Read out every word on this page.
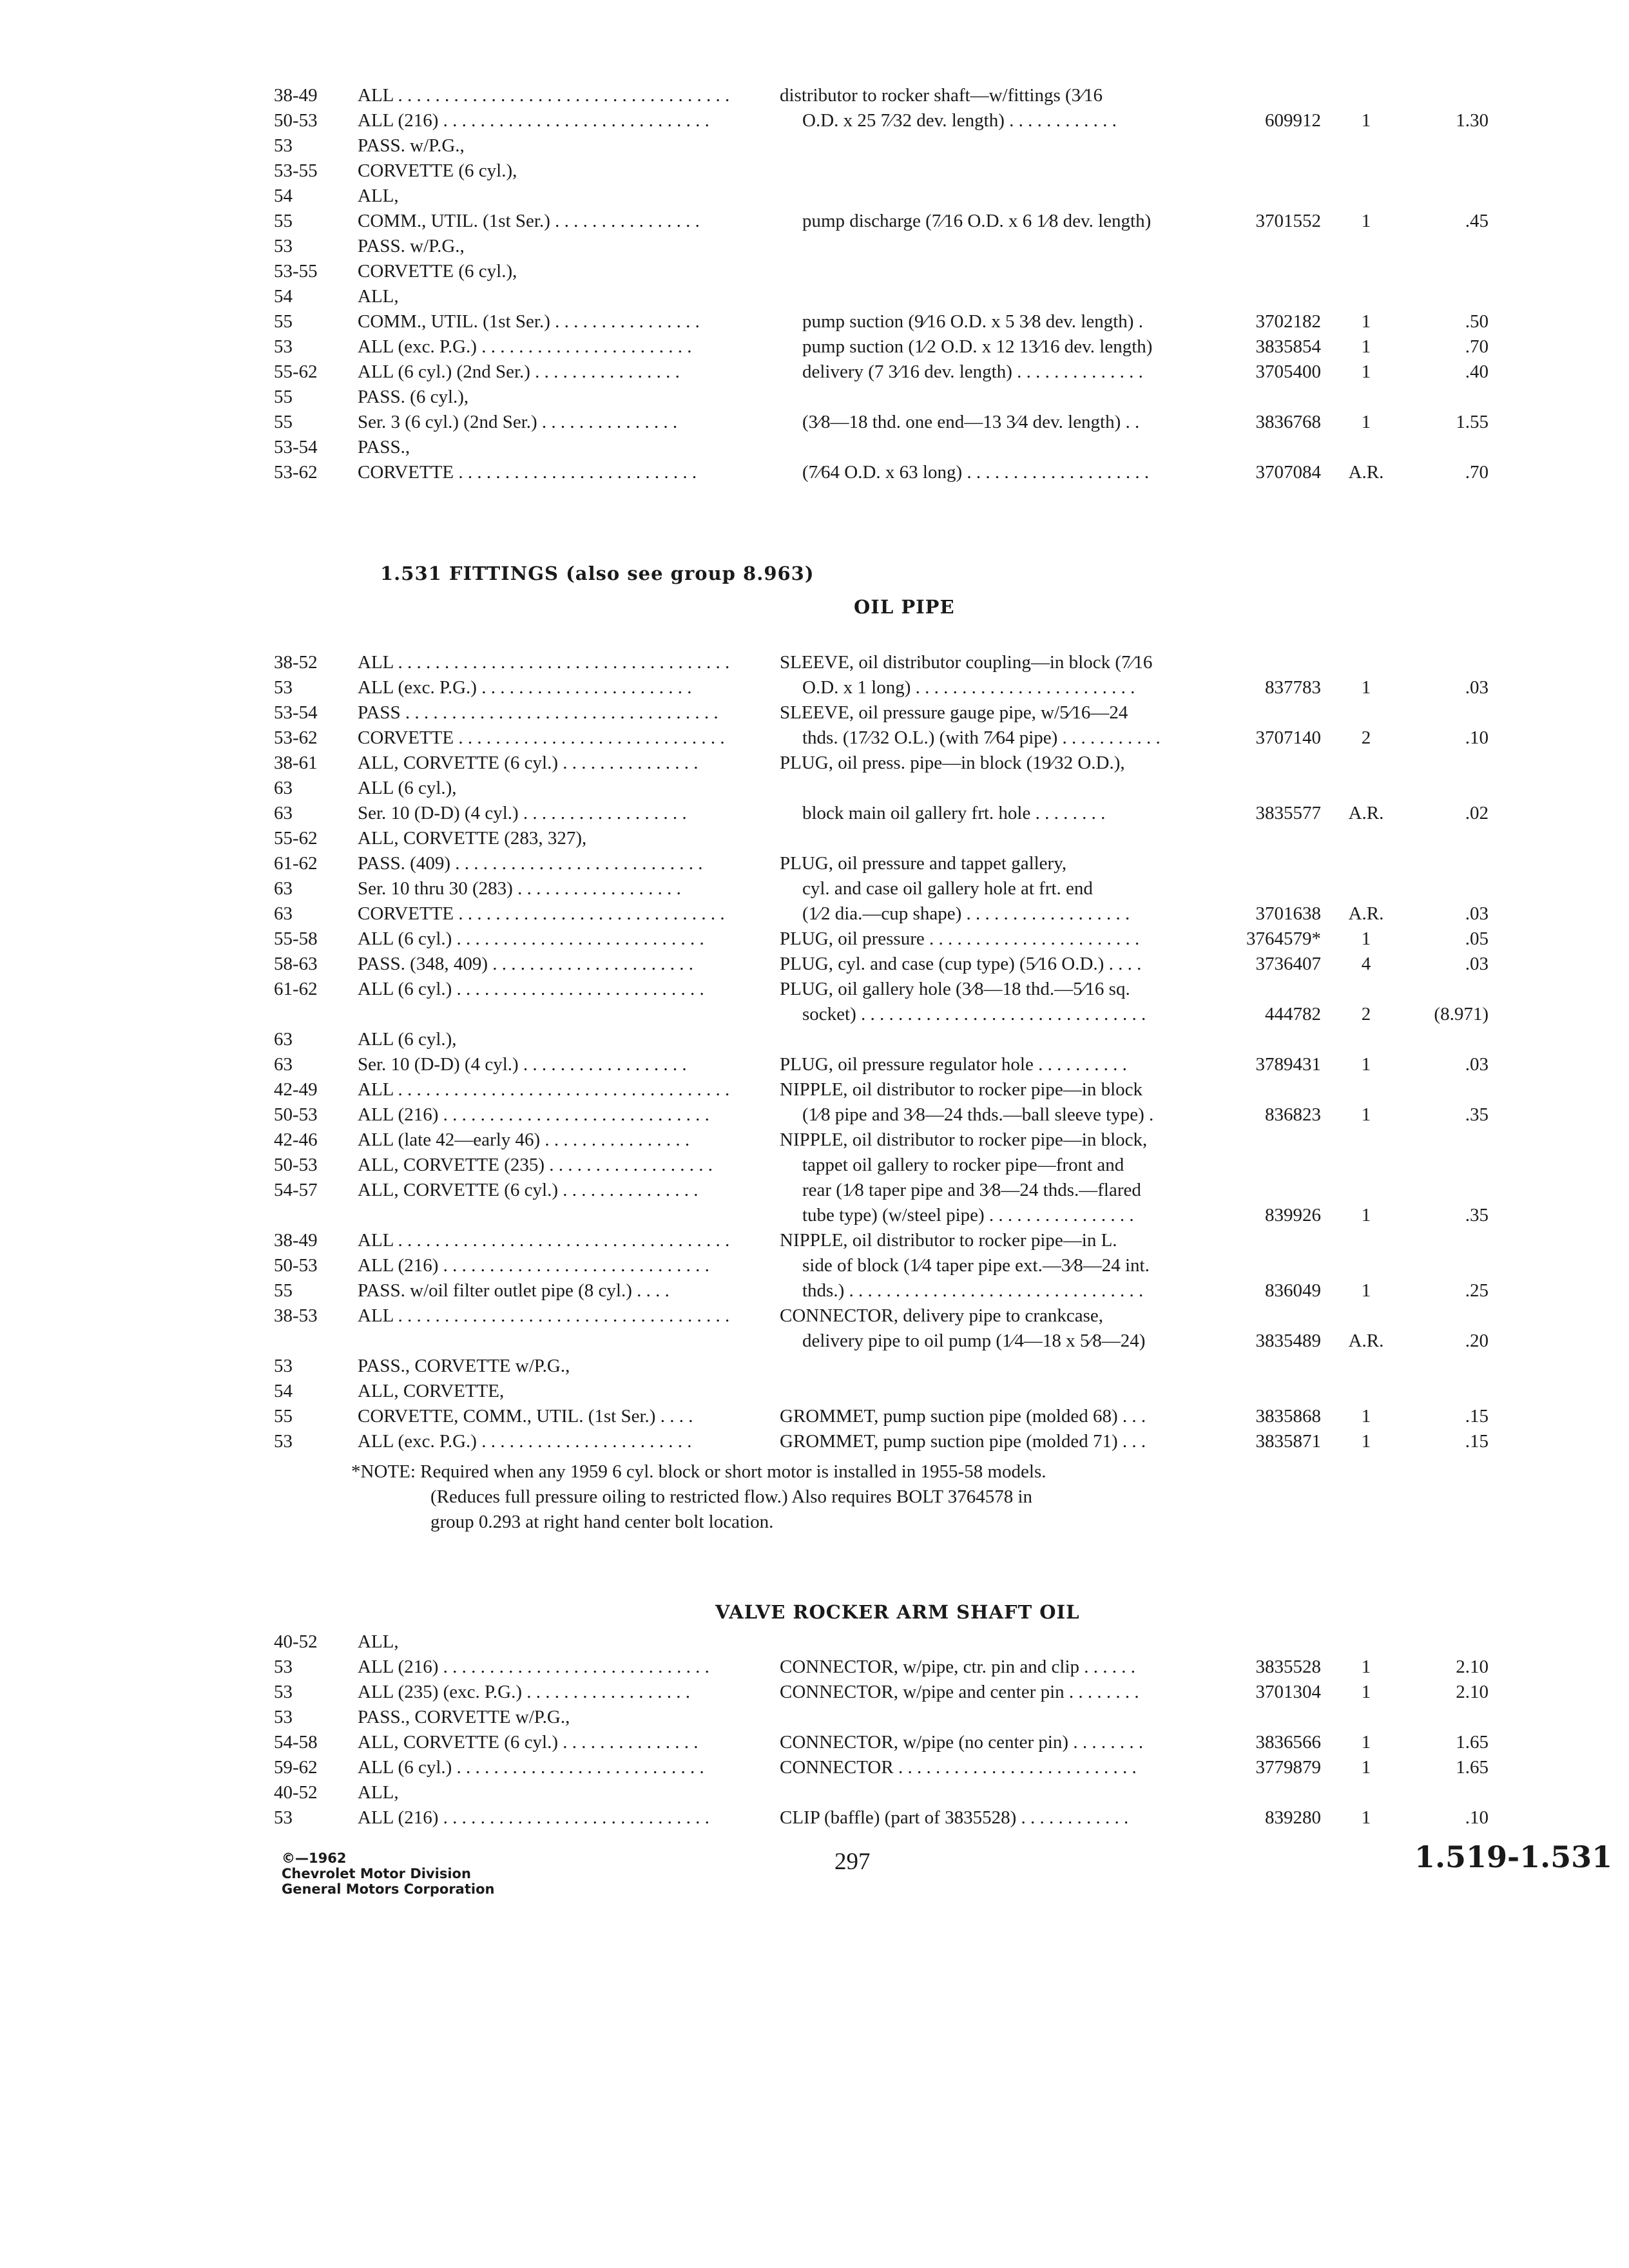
38-49 ALL . . . . . . . . . . . . . . . . . . . . . . . . . . . . . . . . . . . .	distributor to rocker shaft—w/fittings (3⁄16
50-53 ALL (216) . . . . . . . . . . . . . . . . . . . . . . . . . . . . .	O.D. x 25 7⁄32 dev. length) . . . . . . . . . . . .	609912	1	1.30
53	PASS. w/P.G.,
53-55 CORVETTE (6 cyl.),
54	ALL,
55	COMM., UTIL. (1st Ser.) . . . . . . . . . . . . . . . .	pump discharge (7⁄16 O.D. x 6 1⁄8 dev. length)	3701552	1	.45
53	PASS. w/P.G.,
53-55 CORVETTE (6 cyl.),
54	ALL,
55	COMM., UTIL. (1st Ser.) . . . . . . . . . . . . . . . .	pump suction (9⁄16 O.D. x 5 3⁄8 dev. length) .	3702182	1	.50
53	ALL (exc. P.G.) . . . . . . . . . . . . . . . . . . . . . . .	pump suction (1⁄2 O.D. x 12 13⁄16 dev. length)	3835854	1	.70
55-62 ALL (6 cyl.) (2nd Ser.) . . . . . . . . . . . . . . . .	delivery (7 3⁄16 dev. length) . . . . . . . . . . . . . .	3705400	1	.40
55	PASS. (6 cyl.),
55	Ser. 3 (6 cyl.) (2nd Ser.) . . . . . . . . . . . . . . .	(3⁄8—18 thd. one end—13 3⁄4 dev. length) . .	3836768	1	1.55
53-54 PASS.,
53-62 CORVETTE . . . . . . . . . . . . . . . . . . . . . . . . . .	(7⁄64 O.D. x 63 long) . . . . . . . . . . . . . . . . . . . .	3707084	A.R.	.70
1.531 FITTINGS (also see group 8.963)
OIL PIPE
38-52 ALL . . . . . . . . . . . . . . . . . . . . . . . . . . . . . . . . . . . .	SLEEVE, oil distributor coupling—in block (7⁄16
53	ALL (exc. P.G.) . . . . . . . . . . . . . . . . . . . . . . .	O.D. x 1 long) . . . . . . . . . . . . . . . . . . . . . . . .	837783	1	.03
53-54 PASS . . . . . . . . . . . . . . . . . . . . . . . . . . . . . . . . . .	SLEEVE, oil pressure gauge pipe, w/5⁄16—24
53-62 CORVETTE . . . . . . . . . . . . . . . . . . . . . . . . . . . . .	thds. (17⁄32 O.L.) (with 7⁄64 pipe) . . . . . . . . . . .	3707140	2	.10
38-61 ALL, CORVETTE (6 cyl.) . . . . . . . . . . . . . . .	PLUG, oil press. pipe—in block (19⁄32 O.D.),
63	ALL (6 cyl.),
63	Ser. 10 (D-D) (4 cyl.) . . . . . . . . . . . . . . . . . .	block main oil gallery frt. hole . . . . . . . .	3835577	A.R.	.02
55-62 ALL, CORVETTE (283, 327),
61-62 PASS. (409) . . . . . . . . . . . . . . . . . . . . . . . . . . .	PLUG, oil pressure and tappet gallery,
63	Ser. 10 thru 30 (283) . . . . . . . . . . . . . . . . . .	cyl. and case oil gallery hole at frt. end
63	CORVETTE . . . . . . . . . . . . . . . . . . . . . . . . . . . . .	(1⁄2 dia.—cup shape) . . . . . . . . . . . . . . . . . .	3701638	A.R.	.03
55-58 ALL (6 cyl.) . . . . . . . . . . . . . . . . . . . . . . . . . . .	PLUG, oil pressure . . . . . . . . . . . . . . . . . . . . . . .	3764579*	1	.05
58-63 PASS. (348, 409) . . . . . . . . . . . . . . . . . . . . . .	PLUG, cyl. and case (cup type) (5⁄16 O.D.) . . . .	3736407	4	.03
61-62 ALL (6 cyl.) . . . . . . . . . . . . . . . . . . . . . . . . . . .	PLUG, oil gallery hole (3⁄8—18 thd.—5⁄16 sq.
socket) . . . . . . . . . . . . . . . . . . . . . . . . . . . . . . .	444782	2	(8.971)
63	ALL (6 cyl.),
63	Ser. 10 (D-D) (4 cyl.) . . . . . . . . . . . . . . . . . .	PLUG, oil pressure regulator hole . . . . . . . . . .	3789431	1	.03
42-49 ALL . . . . . . . . . . . . . . . . . . . . . . . . . . . . . . . . . . . .	NIPPLE, oil distributor to rocker pipe—in block
50-53 ALL (216) . . . . . . . . . . . . . . . . . . . . . . . . . . . . .	(1⁄8 pipe and 3⁄8—24 thds.—ball sleeve type) .	836823	1	.35
42-46 ALL (late 42—early 46) . . . . . . . . . . . . . . . .	NIPPLE, oil distributor to rocker pipe—in block,
50-53 ALL, CORVETTE (235) . . . . . . . . . . . . . . . . . .	tappet oil gallery to rocker pipe—front and
54-57 ALL, CORVETTE (6 cyl.) . . . . . . . . . . . . . . .	rear (1⁄8 taper pipe and 3⁄8—24 thds.—flared
tube type) (w/steel pipe) . . . . . . . . . . . . . . . .	839926	1	.35
38-49 ALL . . . . . . . . . . . . . . . . . . . . . . . . . . . . . . . . . . . .	NIPPLE, oil distributor to rocker pipe—in L.
50-53 ALL (216) . . . . . . . . . . . . . . . . . . . . . . . . . . . . .	side of block (1⁄4 taper pipe ext.—3⁄8—24 int.
55	PASS. w/oil filter outlet pipe (8 cyl.) . . . .	thds.) . . . . . . . . . . . . . . . . . . . . . . . . . . . . . . . .	836049	1	.25
38-53 ALL . . . . . . . . . . . . . . . . . . . . . . . . . . . . . . . . . . . .	CONNECTOR, delivery pipe to crankcase,
delivery pipe to oil pump (1⁄4—18 x 5⁄8—24)	3835489	A.R.	.20
53	PASS., CORVETTE w/P.G.,
54	ALL, CORVETTE,
55	CORVETTE, COMM., UTIL. (1st Ser.) . . . .	GROMMET, pump suction pipe (molded 68) . . .	3835868	1	.15
53	ALL (exc. P.G.) . . . . . . . . . . . . . . . . . . . . . . .	GROMMET, pump suction pipe (molded 71) . . .	3835871	1	.15
*NOTE: Required when any 1959 6 cyl. block or short motor is installed in 1955-58 models.
(Reduces full pressure oiling to restricted flow.) Also requires BOLT 3764578 in
group 0.293 at right hand center bolt location.
VALVE ROCKER ARM SHAFT OIL
40-52 ALL,
53	ALL (216) . . . . . . . . . . . . . . . . . . . . . . . . . . . . .	CONNECTOR, w/pipe, ctr. pin and clip . . . . . .	3835528	1	2.10
53	ALL (235) (exc. P.G.) . . . . . . . . . . . . . . . . . .	CONNECTOR, w/pipe and center pin . . . . . . . .	3701304	1	2.10
53	PASS., CORVETTE w/P.G.,
54-58 ALL, CORVETTE (6 cyl.) . . . . . . . . . . . . . . .	CONNECTOR, w/pipe (no center pin) . . . . . . . .	3836566	1	1.65
59-62 ALL (6 cyl.) . . . . . . . . . . . . . . . . . . . . . . . . . . .	CONNECTOR . . . . . . . . . . . . . . . . . . . . . . . . . .	3779879	1	1.65
40-52 ALL,
53	ALL (216) . . . . . . . . . . . . . . . . . . . . . . . . . . . . .	CLIP (baffle) (part of 3835528) . . . . . . . . . . . .	839280	1	.10
©—1962
Chevrolet Motor Division
General Motors Corporation
297	1.519-1.531
